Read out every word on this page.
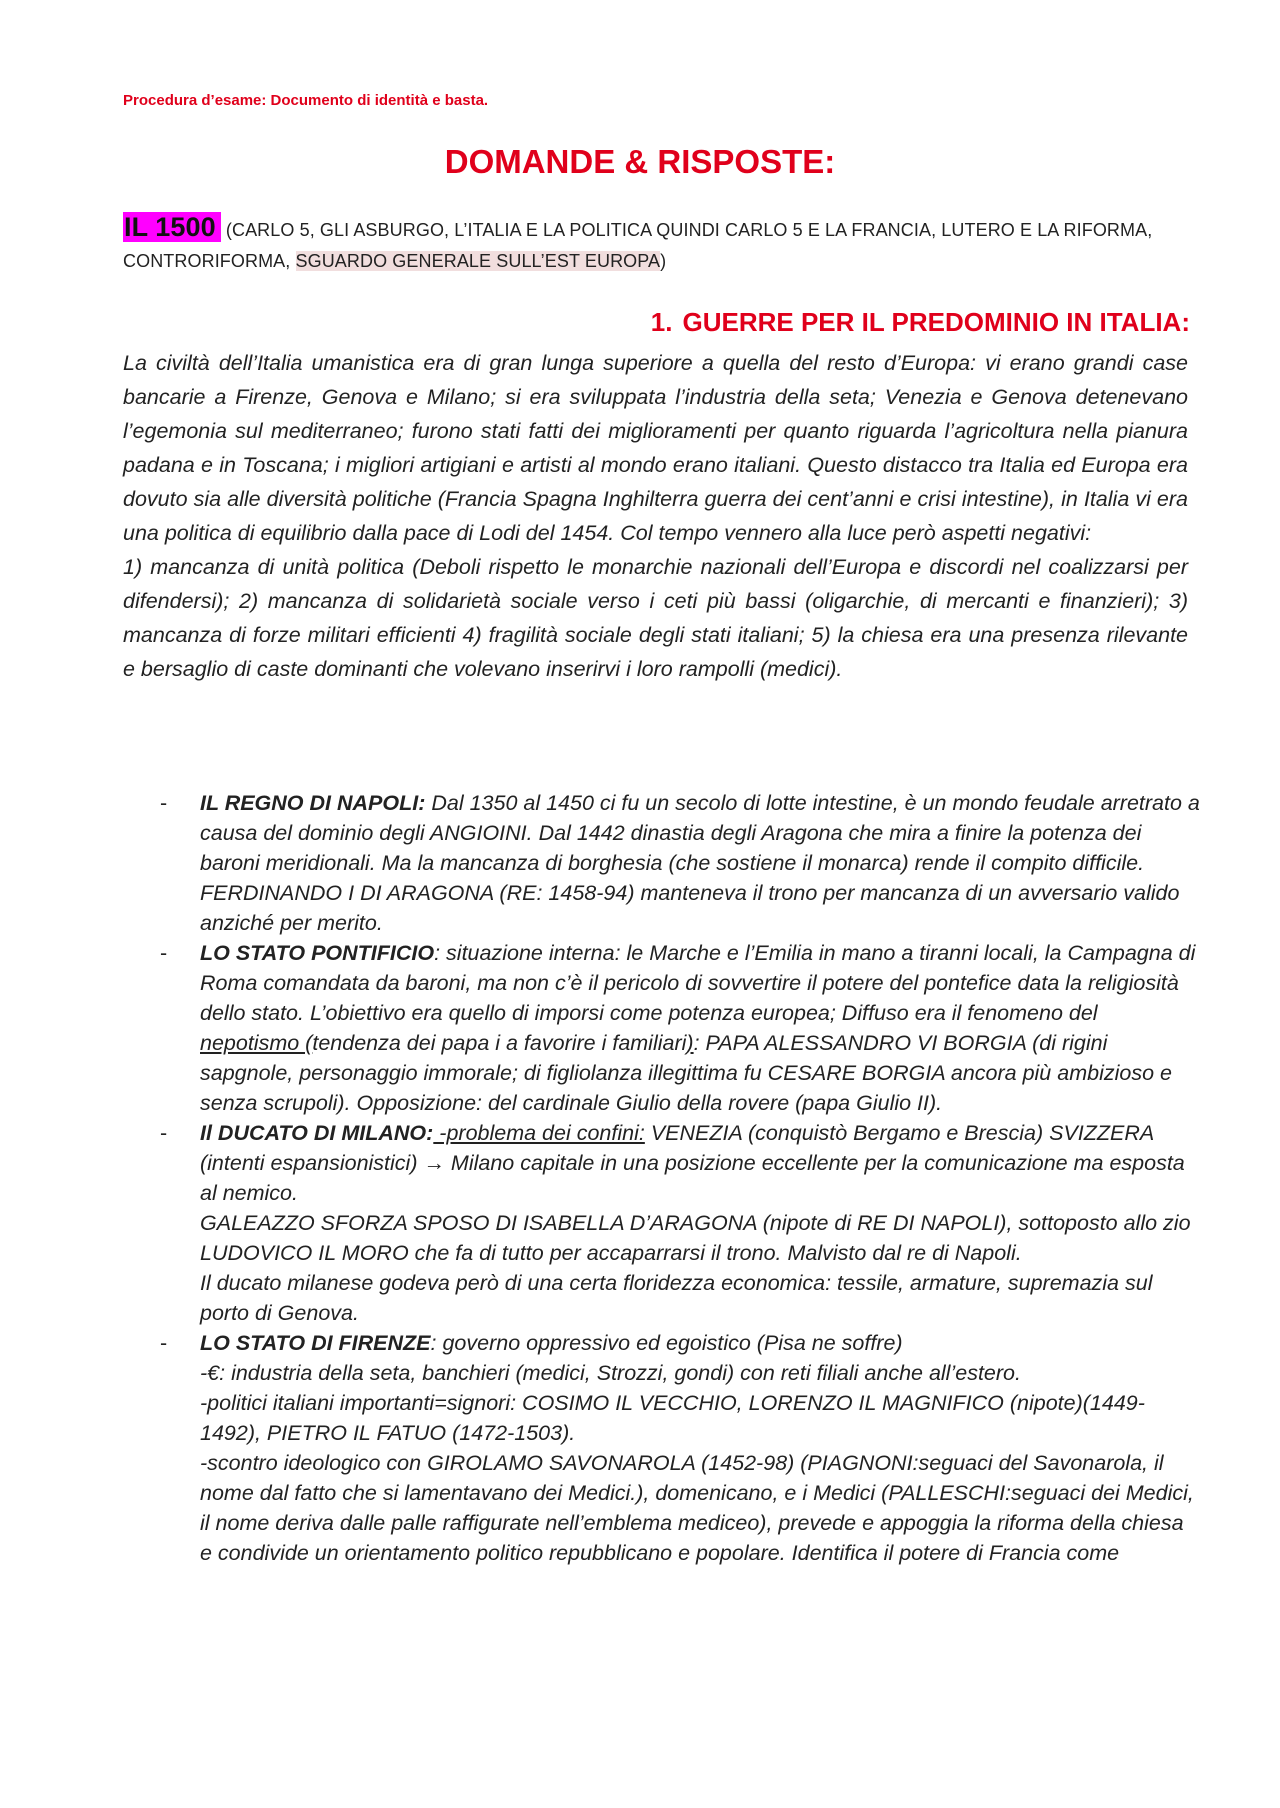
Procedura d’esame: Documento di identità e basta.
DOMANDE & RISPOSTE:
IL 1500 (CARLO 5, GLI ASBURGO, L’ITALIA E LA POLITICA QUINDI CARLO 5 E LA FRANCIA, LUTERO E LA RIFORMA, CONTRORIFORMA, SGUARDO GENERALE SULL’EST EUROPA)
1. GUERRE PER IL PREDOMINIO IN ITALIA:

La civiltà dell’Italia umanistica era di gran lunga superiore a quella del resto d’Europa: vi erano grandi case bancarie a Firenze, Genova e Milano; si era sviluppata l’industria della seta; Venezia e Genova detenevano l’egemonia sul mediterraneo; furono stati fatti dei miglioramenti per quanto riguarda l’agricoltura nella pianura padana e in Toscana; i migliori artigiani e artisti al mondo erano italiani. Questo distacco tra Italia ed Europa era dovuto sia alle diversità politiche (Francia Spagna Inghilterra guerra dei cent’anni e crisi intestine), in Italia vi era una politica di equilibrio dalla pace di Lodi del 1454. Col tempo vennero alla luce però aspetti negativi:

1) mancanza di unità politica (Deboli rispetto le monarchie nazionali dell’Europa e discordi nel coalizzarsi per difendersi); 2) mancanza di solidarietà sociale verso i ceti più bassi (oligarchie, di mercanti e finanzieri); 3) mancanza di forze militari efficienti 4) fragilità sociale degli stati italiani; 5) la chiesa era una presenza rilevante e bersaglio di caste dominanti che volevano inserirvi i loro rampolli (medici).

- IL REGNO DI NAPOLI: Dal 1350 al 1450 ci fu un secolo di lotte intestine, è un mondo feudale arretrato a causa del dominio degli ANGIOINI. Dal 1442 dinastia degli Aragona che mira a finire la potenza dei baroni meridionali. Ma la mancanza di borghesia (che sostiene il monarca) rende il compito difficile. FERDINANDO I DI ARAGONA (RE: 1458-94) manteneva il trono per mancanza di un avversario valido anziché per merito.
- LO STATO PONTIFICIO: situazione interna: le Marche e l’Emilia in mano a tiranni locali, la Campagna di Roma comandata da baroni, ma non c’è il pericolo di sovvertire il potere del pontefice data la religiosità dello stato. L’obiettivo era quello di imporsi come potenza europea; Diffuso era il fenomeno del nepotismo (tendenza dei papa i a favorire i familiari): PAPA ALESSANDRO VI BORGIA (di rigini sapgnole, personaggio immorale; di figliolanza illegittima fu CESARE BORGIA ancora più ambizioso e senza scrupoli). Opposizione: del cardinale Giulio della rovere (papa Giulio II).
- Il DUCATO DI MILANO: -problema dei confini: VENEZIA (conquistò Bergamo e Brescia) SVIZZERA (intenti espansionistici) → Milano capitale in una posizione eccellente per la comunicazione ma esposta al nemico.
GALEAZZO SFORZA SPOSO DI ISABELLA D’ARAGONA (nipote di RE DI NAPOLI), sottoposto allo zio LUDOVICO IL MORO che fa di tutto per accaparrarsi il trono. Malvisto dal re di Napoli.
Il ducato milanese godeva però di una certa floridezza economica: tessile, armature, supremazia sul porto di Genova.
- LO STATO DI FIRENZE: governo oppressivo ed egoistico (Pisa ne soffre)
-€: industria della seta, banchieri (medici, Strozzi, gondi) con reti filiali anche all’estero.
-politici italiani importanti=signori: COSIMO IL VECCHIO, LORENZO IL MAGNIFICO (nipote)(1449-1492), PIETRO IL FATUO (1472-1503).
-scontro ideologico con GIROLAMO SAVONAROLA (1452-98) (PIAGNONI:seguaci del Savonarola, il nome dal fatto che si lamentavano dei Medici.), domenicano, e i Medici (PALLESCHI:seguaci dei Medici, il nome deriva dalle palle raffigurate nell’emblema mediceo), prevede e appoggia la riforma della chiesa e condivide un orientamento politico repubblicano e popolare. Identifica il potere di Francia come
